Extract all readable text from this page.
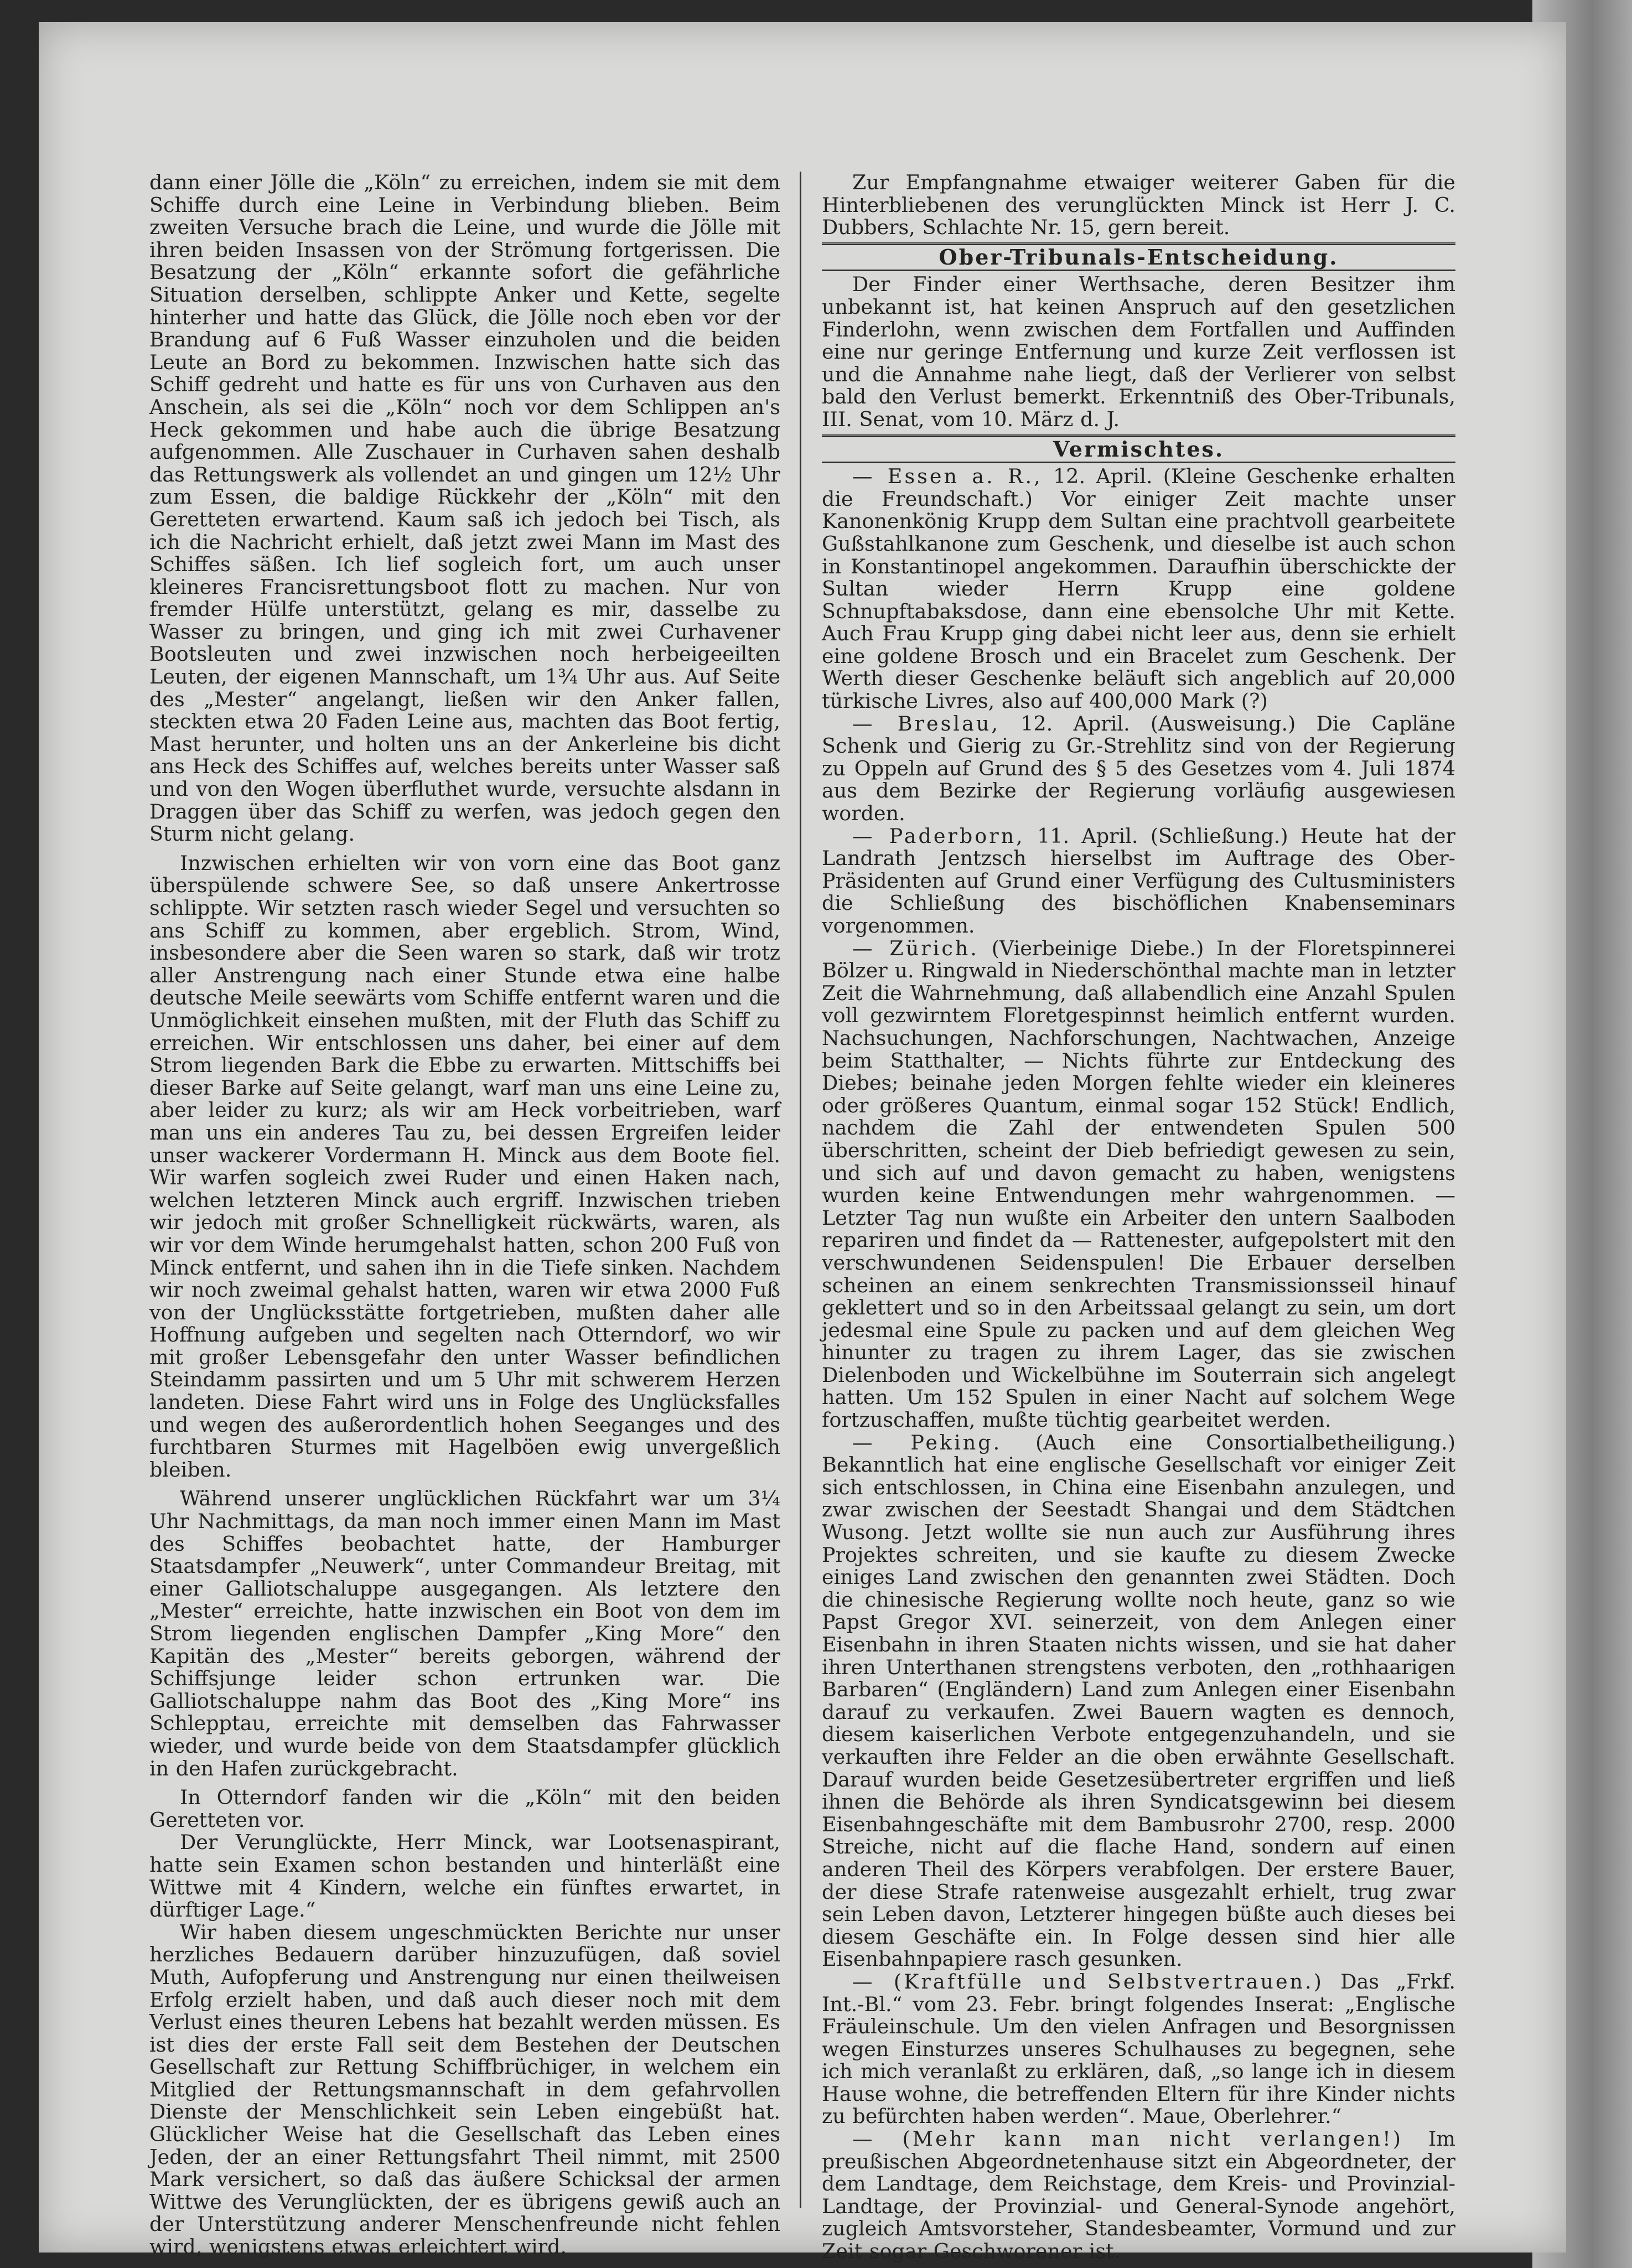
dann einer Jölle die „Köln“ zu erreichen, indem sie mit dem Schiffe durch eine Leine in Verbindung blieben. Beim zweiten Versuche brach die Leine, und wurde die Jölle mit ihren beiden Insassen von der Strömung fortgerissen. Die Besatzung der „Köln“ erkannte sofort die gefährliche Situation derselben, schlippte Anker und Kette, segelte hinterher und hatte das Glück, die Jölle noch eben vor der Brandung auf 6 Fuß Wasser einzuholen und die beiden Leute an Bord zu bekommen. Inzwischen hatte sich das Schiff gedreht und hatte es für uns von Curhaven aus den Anschein, als sei die „Köln“ noch vor dem Schlippen an's Heck gekommen und habe auch die übrige Besatzung aufgenommen. Alle Zuschauer in Curhaven sahen deshalb das Rettungswerk als vollendet an und gingen um 12½ Uhr zum Essen, die baldige Rückkehr der „Köln“ mit den Geretteten erwartend. Kaum saß ich jedoch bei Tisch, als ich die Nachricht erhielt, daß jetzt zwei Mann im Mast des Schiffes säßen. Ich lief sogleich fort, um auch unser kleineres Francisrettungsboot flott zu machen. Nur von fremder Hülfe unterstützt, gelang es mir, dasselbe zu Wasser zu bringen, und ging ich mit zwei Curhavener Bootsleuten und zwei inzwischen noch herbeigeeilten Leuten, der eigenen Mannschaft, um 1¾ Uhr aus. Auf Seite des „Mester“ angelangt, ließen wir den Anker fallen, steckten etwa 20 Faden Leine aus, machten das Boot fertig, Mast herunter, und holten uns an der Ankerleine bis dicht ans Heck des Schiffes auf, welches bereits unter Wasser saß und von den Wogen überfluthet wurde, versuchte alsdann in Draggen über das Schiff zu werfen, was jedoch gegen den Sturm nicht gelang.

Inzwischen erhielten wir von vorn eine das Boot ganz überspülende schwere See, so daß unsere Ankertrosse schlippte. Wir setzten rasch wieder Segel und versuchten so ans Schiff zu kommen, aber ergeblich. Strom, Wind, insbesondere aber die Seen waren so stark, daß wir trotz aller Anstrengung nach einer Stunde etwa eine halbe deutsche Meile seewärts vom Schiffe entfernt waren und die Unmöglichkeit einsehen mußten, mit der Fluth das Schiff zu erreichen. Wir entschlossen uns daher, bei einer auf dem Strom liegenden Bark die Ebbe zu erwarten. Mittschiffs bei dieser Barke auf Seite gelangt, warf man uns eine Leine zu, aber leider zu kurz; als wir am Heck vorbeitrieben, warf man uns ein anderes Tau zu, bei dessen Ergreifen leider unser wackerer Vordermann H. Minck aus dem Boote fiel. Wir warfen sogleich zwei Ruder und einen Haken nach, welchen letzteren Minck auch ergriff. Inzwischen trieben wir jedoch mit großer Schnelligkeit rückwärts, waren, als wir vor dem Winde herumgehalst hatten, schon 200 Fuß von Minck entfernt, und sahen ihn in die Tiefe sinken. Nachdem wir noch zweimal gehalst hatten, waren wir etwa 2000 Fuß von der Unglücksstätte fortgetrieben, mußten daher alle Hoffnung aufgeben und segelten nach Otterndorf, wo wir mit großer Lebensgefahr den unter Wasser befindlichen Steindamm passirten und um 5 Uhr mit schwerem Herzen landeten. Diese Fahrt wird uns in Folge des Unglücksfalles und wegen des außerordentlich hohen Seeganges und des furchtbaren Sturmes mit Hagelböen ewig unvergeßlich bleiben.

Während unserer unglücklichen Rückfahrt war um 3¼ Uhr Nachmittags, da man noch immer einen Mann im Mast des Schiffes beobachtet hatte, der Hamburger Staatsdampfer „Neuwerk“, unter Commandeur Breitag, mit einer Galliotschaluppe ausgegangen. Als letztere den „Mester“ erreichte, hatte inzwischen ein Boot von dem im Strom liegenden englischen Dampfer „King More“ den Kapitän des „Mester“ bereits geborgen, während der Schiffsjunge leider schon ertrunken war. Die Galliotschaluppe nahm das Boot des „King More“ ins Schlepptau, erreichte mit demselben das Fahrwasser wieder, und wurde beide von dem Staatsdampfer glücklich in den Hafen zurückgebracht.

In Otterndorf fanden wir die „Köln“ mit den beiden Geretteten vor.

Der Verunglückte, Herr Minck, war Lootsenaspirant, hatte sein Examen schon bestanden und hinterläßt eine Wittwe mit 4 Kindern, welche ein fünftes erwartet, in dürftiger Lage.“

Wir haben diesem ungeschmückten Berichte nur unser herzliches Bedauern darüber hinzuzufügen, daß soviel Muth, Aufopferung und Anstrengung nur einen theilweisen Erfolg erzielt haben, und daß auch dieser noch mit dem Verlust eines theuren Lebens hat bezahlt werden müssen. Es ist dies der erste Fall seit dem Bestehen der Deutschen Gesellschaft zur Rettung Schiffbrüchiger, in welchem ein Mitglied der Rettungsmannschaft in dem gefahrvollen Dienste der Menschlichkeit sein Leben eingebüßt hat. Glücklicher Weise hat die Gesellschaft das Leben eines Jeden, der an einer Rettungsfahrt Theil nimmt, mit 2500 Mark versichert, so daß das äußere Schicksal der armen Wittwe des Verunglückten, der es übrigens gewiß auch an der Unterstützung anderer Menschenfreunde nicht fehlen wird, wenigstens etwas erleichtert wird.

Zur Empfangnahme etwaiger weiterer Gaben für die Hinterbliebenen des verunglückten Minck ist Herr J. C. Dubbers, Schlachte Nr. 15, gern bereit.

Ober-Tribunals-Entscheidung.

Der Finder einer Werthsache, deren Besitzer ihm unbekannt ist, hat keinen Anspruch auf den gesetzlichen Finderlohn, wenn zwischen dem Fortfallen und Auffinden eine nur geringe Entfernung und kurze Zeit verflossen ist und die Annahme nahe liegt, daß der Verlierer von selbst bald den Verlust bemerkt. Erkenntniß des Ober-Tribunals, III. Senat, vom 10. März d. J.

Vermischtes.

— Essen a. R., 12. April. (Kleine Geschenke erhalten die Freundschaft.) Vor einiger Zeit machte unser Kanonenkönig Krupp dem Sultan eine prachtvoll gearbeitete Gußstahlkanone zum Geschenk, und dieselbe ist auch schon in Konstantinopel angekommen. Daraufhin überschickte der Sultan wieder Herrn Krupp eine goldene Schnupftabaksdose, dann eine ebensolche Uhr mit Kette. Auch Frau Krupp ging dabei nicht leer aus, denn sie erhielt eine goldene Brosch und ein Bracelet zum Geschenk. Der Werth dieser Geschenke beläuft sich angeblich auf 20,000 türkische Livres, also auf 400,000 Mark (?)

— Breslau, 12. April. (Ausweisung.) Die Capläne Schenk und Gierig zu Gr.-Strehlitz sind von der Regierung zu Oppeln auf Grund des § 5 des Gesetzes vom 4. Juli 1874 aus dem Bezirke der Regierung vorläufig ausgewiesen worden.

— Paderborn, 11. April. (Schließung.) Heute hat der Landrath Jentzsch hierselbst im Auftrage des Ober-Präsidenten auf Grund einer Verfügung des Cultusministers die Schließung des bischöflichen Knabenseminars vorgenommen.

— Zürich. (Vierbeinige Diebe.) In der Floretspinnerei Bölzer u. Ringwald in Niederschönthal machte man in letzter Zeit die Wahrnehmung, daß allabendlich eine Anzahl Spulen voll gezwirntem Floretgespinnst heimlich entfernt wurden. Nachsuchungen, Nachforschungen, Nachtwachen, Anzeige beim Statthalter, — Nichts führte zur Entdeckung des Diebes; beinahe jeden Morgen fehlte wieder ein kleineres oder größeres Quantum, einmal sogar 152 Stück! Endlich, nachdem die Zahl der entwendeten Spulen 500 überschritten, scheint der Dieb befriedigt gewesen zu sein, und sich auf und davon gemacht zu haben, wenigstens wurden keine Entwendungen mehr wahrgenommen. — Letzter Tag nun wußte ein Arbeiter den untern Saalboden repariren und findet da — Rattenester, aufgepolstert mit den verschwundenen Seidenspulen! Die Erbauer derselben scheinen an einem senkrechten Transmissionsseil hinauf geklettert und so in den Arbeitssaal gelangt zu sein, um dort jedesmal eine Spule zu packen und auf dem gleichen Weg hinunter zu tragen zu ihrem Lager, das sie zwischen Dielenboden und Wickelbühne im Souterrain sich angelegt hatten. Um 152 Spulen in einer Nacht auf solchem Wege fortzuschaffen, mußte tüchtig gearbeitet werden.

— Peking. (Auch eine Consortialbetheiligung.) Bekanntlich hat eine englische Gesellschaft vor einiger Zeit sich entschlossen, in China eine Eisenbahn anzulegen, und zwar zwischen der Seestadt Shangai und dem Städtchen Wusong. Jetzt wollte sie nun auch zur Ausführung ihres Projektes schreiten, und sie kaufte zu diesem Zwecke einiges Land zwischen den genannten zwei Städten. Doch die chinesische Regierung wollte noch heute, ganz so wie Papst Gregor XVI. seinerzeit, von dem Anlegen einer Eisenbahn in ihren Staaten nichts wissen, und sie hat daher ihren Unterthanen strengstens verboten, den „rothhaarigen Barbaren“ (Engländern) Land zum Anlegen einer Eisenbahn darauf zu verkaufen. Zwei Bauern wagten es dennoch, diesem kaiserlichen Verbote entgegenzuhandeln, und sie verkauften ihre Felder an die oben erwähnte Gesellschaft. Darauf wurden beide Gesetzesübertreter ergriffen und ließ ihnen die Behörde als ihren Syndicatsgewinn bei diesem Eisenbahngeschäfte mit dem Bambusrohr 2700, resp. 2000 Streiche, nicht auf die flache Hand, sondern auf einen anderen Theil des Körpers verabfolgen. Der erstere Bauer, der diese Strafe ratenweise ausgezahlt erhielt, trug zwar sein Leben davon, Letzterer hingegen büßte auch dieses bei diesem Geschäfte ein. In Folge dessen sind hier alle Eisenbahnpapiere rasch gesunken.

— (Kraftfülle und Selbstvertrauen.) Das „Frkf. Int.-Bl.“ vom 23. Febr. bringt folgendes Inserat: „Englische Fräuleinschule. Um den vielen Anfragen und Besorgnissen wegen Einsturzes unseres Schulhauses zu begegnen, sehe ich mich veranlaßt zu erklären, daß, „so lange ich in diesem Hause wohne, die betreffenden Eltern für ihre Kinder nichts zu befürchten haben werden“. Maue, Oberlehrer.“

— (Mehr kann man nicht verlangen!) Im preußischen Abgeordnetenhause sitzt ein Abgeordneter, der dem Landtage, dem Reichstage, dem Kreis- und Provinzial-Landtage, der Provinzial- und General-Synode angehört, zugleich Amtsvorsteher, Standesbeamter, Vormund und zur Zeit sogar Geschworener ist.
